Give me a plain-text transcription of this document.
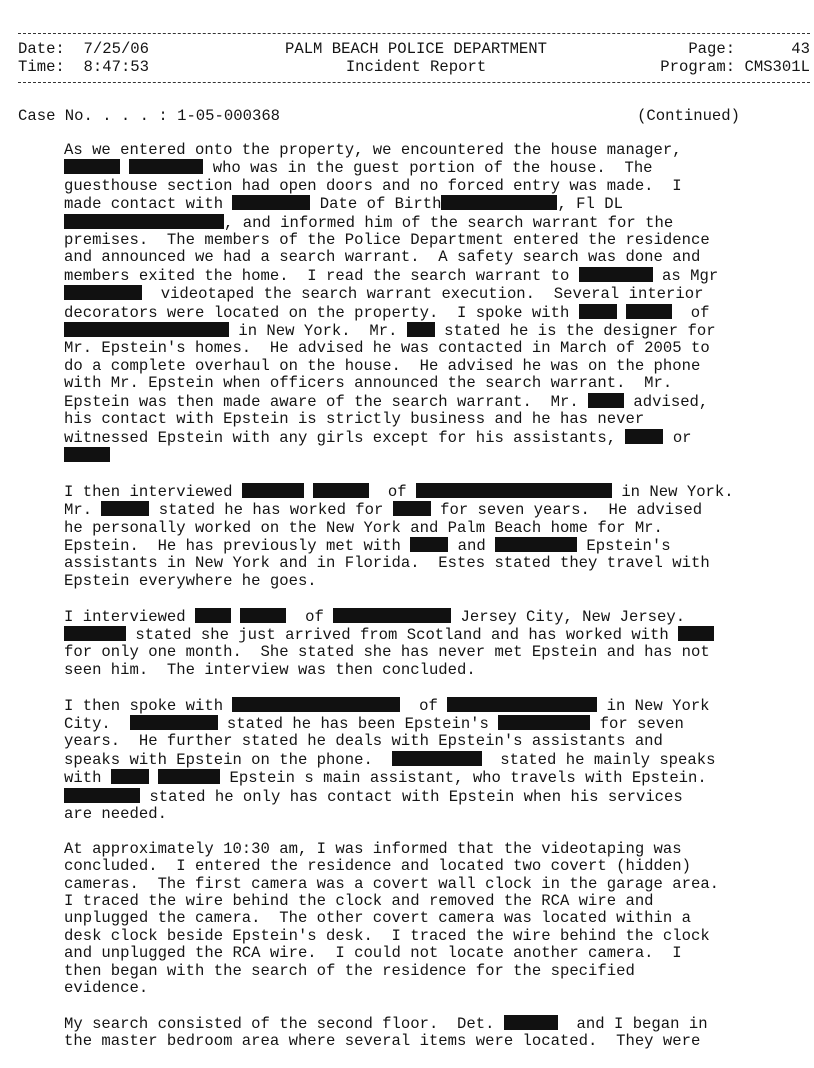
Date: 7/25/06
Time: 8:47:53
PALM BEACH POLICE DEPARTMENT
Incident Report
Page:	43
Program: CMS301L
Case No. . . . : 1-05-000368	(Continued)
As we entered onto the property, we encountered the house manager,
who was in the guest portion of the house.  The
guesthouse section had open doors and no forced entry was made.  I
made contact with	Date of Birth	, Fl DL
, and informed him of the search warrant for the
premises.  The members of the Police Department entered the residence
and announced we had a search warrant.  A safety search was done and
members exited the home.  I read the search warrant to	as Mgr
videotaped the search warrant execution.  Several interior
decorators were located on the property.  I spoke with	of
in New York.  Mr.  stated he is the designer for
Mr. Epstein's homes.  He advised he was contacted in March of 2005 to
do a complete overhaul on the house.  He advised he was on the phone
with Mr. Epstein when officers announced the search warrant.  Mr.
Epstein was then made aware of the search warrant.  Mr.  advised,
his contact with Epstein is strictly business and he has never
witnessed Epstein with any girls except for his assistants,  or

I then interviewed	of	in New York.
Mr.	stated he has worked for  for seven years.  He advised
he personally worked on the New York and Palm Beach home for Mr.
Epstein.  He has previously met with  and	Epstein's
assistants in New York and in Florida.  Estes stated they travel with
Epstein everywhere he goes.
I interviewed	of	Jersey City, New Jersey.
stated she just arrived from Scotland and has worked with
for only one month.  She stated she has never met Epstein and has not
seen him.  The interview was then concluded.
I then spoke with	of	in New York
City.	stated he has been Epstein's	for seven
years.  He further stated he deals with Epstein's assistants and
speaks with Epstein on the phone.	stated he mainly speaks
with	Epstein s main assistant, who travels with Epstein.
stated he only has contact with Epstein when his services
are needed.
At approximately 10:30 am, I was informed that the videotaping was
concluded.  I entered the residence and located two covert (hidden)
cameras.  The first camera was a covert wall clock in the garage area.
I traced the wire behind the clock and removed the RCA wire and
unplugged the camera.  The other covert camera was located within a
desk clock beside Epstein's desk.  I traced the wire behind the clock
and unplugged the RCA wire.  I could not locate another camera.  I
then began with the search of the residence for the specified
evidence.
My search consisted of the second floor.  Det.	and I began in
the master bedroom area where several items were located.  They were
